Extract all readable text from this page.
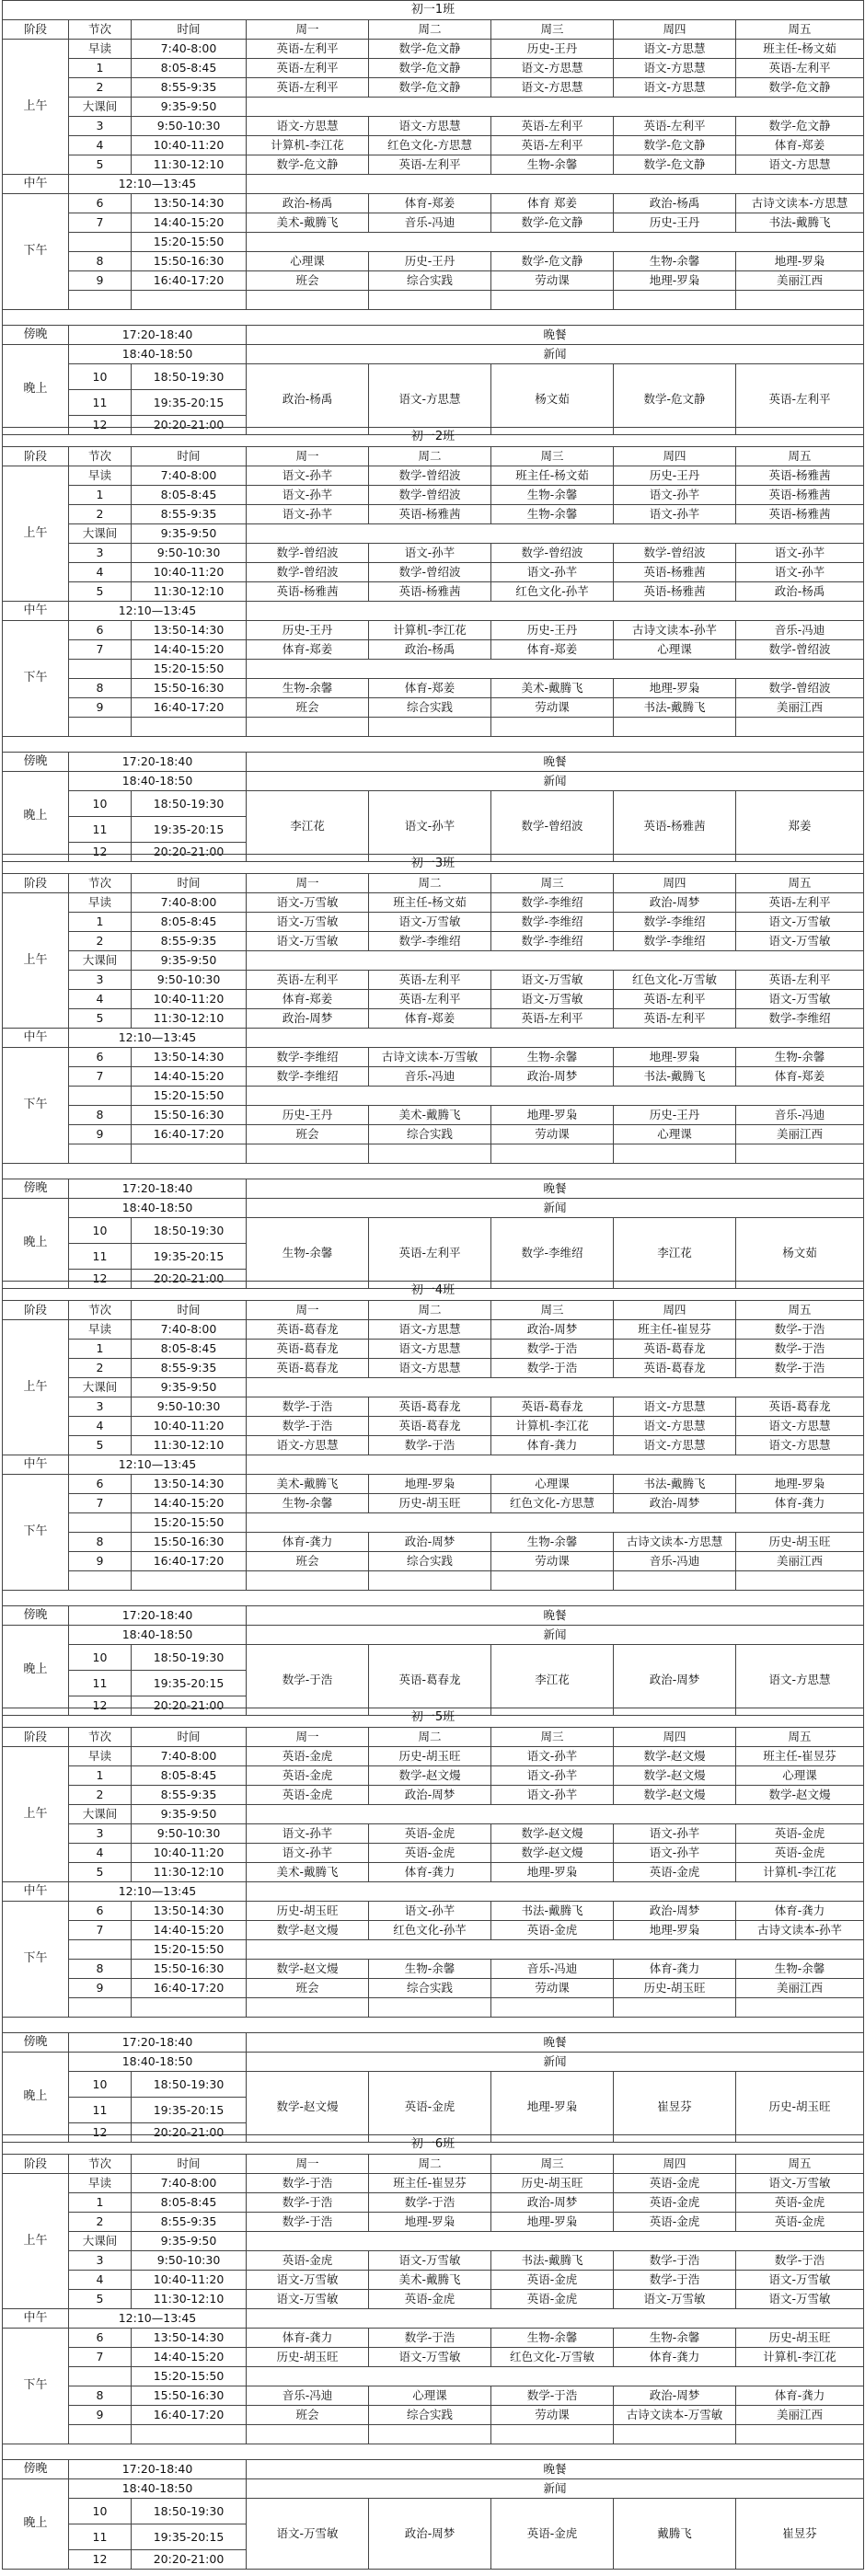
初一1班							
阶段	节次	时间	周一	周二	周三	周四	周五
上午	早读	7:40-8:00	英语-左利平	数学-危文静	历史-王丹	语文-方思慧	班主任-杨文茹
	1	8:05-8:45	英语-左利平	数学-危文静	语文-方思慧	语文-方思慧	英语-左利平
	2	8:55-9:35	英语-左利平	数学-危文静	语文-方思慧	语文-方思慧	数学-危文静
	大课间	9:35-9:50					
	3	9:50-10:30	语文-方思慧	语文-方思慧	英语-左利平	英语-左利平	数学-危文静
	4	10:40-11:20	计算机-李江花	红色文化-方思慧	英语-左利平	数学-危文静	体育-郑姜
	5	11:30-12:10	数学-危文静	英语-左利平	生物-余馨	数学-危文静	语文-方思慧
中午	12:10—13:45						
下午	6	13:50-14:30	政治-杨禹	体育-郑姜	体育 郑姜	政治-杨禹	古诗文读本-方思慧
	7	14:40-15:20	美术-戴腾飞	音乐-冯迪	数学-危文静	历史-王丹	书法-戴腾飞
		15:20-15:50					
	8	15:50-16:30	心理课	历史-王丹	数学-危文静	生物-余馨	地理-罗枭
	9	16:40-17:20	班会	综合实践	劳动课	地理-罗枭	美丽江西

傍晚	17:20-18:40		晚餐				
晚上	18:40-18:50		新闻				
	10	18:50-19:30	政治-杨禹	语文-方思慧	杨文茹	数学-危文静	英语-左利平
	11	19:35-20:15					
	12	20:20-21:00					
初一2班							
阶段	节次	时间	周一	周二	周三	周四	周五
上午	早读	7:40-8:00	语文-孙芊	数学-曾绍波	班主任-杨文茹	历史-王丹	英语-杨雅茜
	1	8:05-8:45	语文-孙芊	数学-曾绍波	生物-余馨	语文-孙芊	英语-杨雅茜
	2	8:55-9:35	语文-孙芊	英语-杨雅茜	生物-余馨	语文-孙芊	英语-杨雅茜
	大课间	9:35-9:50					
	3	9:50-10:30	数学-曾绍波	语文-孙芊	数学-曾绍波	数学-曾绍波	语文-孙芊
	4	10:40-11:20	数学-曾绍波	数学-曾绍波	语文-孙芊	英语-杨雅茜	语文-孙芊
	5	11:30-12:10	英语-杨雅茜	英语-杨雅茜	红色文化-孙芊	英语-杨雅茜	政治-杨禹
中午	12:10—13:45						
下午	6	13:50-14:30	历史-王丹	计算机-李江花	历史-王丹	古诗文读本-孙芊	音乐-冯迪
	7	14:40-15:20	体育-郑姜	政治-杨禹	体育-郑姜	心理课	数学-曾绍波
		15:20-15:50					
	8	15:50-16:30	生物-余馨	体育-郑姜	美术-戴腾飞	地理-罗枭	数学-曾绍波
	9	16:40-17:20	班会	综合实践	劳动课	书法-戴腾飞	美丽江西

傍晚	17:20-18:40		晚餐				
晚上	18:40-18:50		新闻				
	10	18:50-19:30	李江花	语文-孙芊	数学-曾绍波	英语-杨雅茜	郑姜
	11	19:35-20:15					
	12	20:20-21:00					
初一3班							
阶段	节次	时间	周一	周二	周三	周四	周五
上午	早读	7:40-8:00	语文-万雪敏	班主任-杨文茹	数学-李维绍	政治-周梦	英语-左利平
	1	8:05-8:45	语文-万雪敏	语文-万雪敏	数学-李维绍	数学-李维绍	语文-万雪敏
	2	8:55-9:35	语文-万雪敏	数学-李维绍	数学-李维绍	数学-李维绍	语文-万雪敏
	大课间	9:35-9:50					
	3	9:50-10:30	英语-左利平	英语-左利平	语文-万雪敏	红色文化-万雪敏	英语-左利平
	4	10:40-11:20	体育-郑姜	英语-左利平	语文-万雪敏	英语-左利平	语文-万雪敏
	5	11:30-12:10	政治-周梦	体育-郑姜	英语-左利平	英语-左利平	数学-李维绍
中午	12:10—13:45						
下午	6	13:50-14:30	数学-李维绍	古诗文读本-万雪敏	生物-余馨	地理-罗枭	生物-余馨
	7	14:40-15:20	数学-李维绍	音乐-冯迪	政治-周梦	书法-戴腾飞	体育-郑姜
		15:20-15:50					
	8	15:50-16:30	历史-王丹	美术-戴腾飞	地理-罗枭	历史-王丹	音乐-冯迪
	9	16:40-17:20	班会	综合实践	劳动课	心理课	美丽江西

傍晚	17:20-18:40		晚餐				
晚上	18:40-18:50		新闻				
	10	18:50-19:30	生物-余馨	英语-左利平	数学-李维绍	李江花	杨文茹
	11	19:35-20:15					
	12	20:20-21:00					
初一4班							
阶段	节次	时间	周一	周二	周三	周四	周五
上午	早读	7:40-8:00	英语-葛春龙	语文-方思慧	政治-周梦	班主任-崔昱芬	数学-于浩
	1	8:05-8:45	英语-葛春龙	语文-方思慧	数学-于浩	英语-葛春龙	数学-于浩
	2	8:55-9:35	英语-葛春龙	语文-方思慧	数学-于浩	英语-葛春龙	数学-于浩
	大课间	9:35-9:50					
	3	9:50-10:30	数学-于浩	英语-葛春龙	英语-葛春龙	语文-方思慧	英语-葛春龙
	4	10:40-11:20	数学-于浩	英语-葛春龙	计算机-李江花	语文-方思慧	语文-方思慧
	5	11:30-12:10	语文-方思慧	数学-于浩	体育-龚力	语文-方思慧	语文-方思慧
中午	12:10—13:45						
下午	6	13:50-14:30	美术-戴腾飞	地理-罗枭	心理课	书法-戴腾飞	地理-罗枭
	7	14:40-15:20	生物-余馨	历史-胡玉旺	红色文化-方思慧	政治-周梦	体育-龚力
		15:20-15:50					
	8	15:50-16:30	体育-龚力	政治-周梦	生物-余馨	古诗文读本-方思慧	历史-胡玉旺
	9	16:40-17:20	班会	综合实践	劳动课	音乐-冯迪	美丽江西

傍晚	17:20-18:40		晚餐				
晚上	18:40-18:50		新闻				
	10	18:50-19:30	数学-于浩	英语-葛春龙	李江花	政治-周梦	语文-方思慧
	11	19:35-20:15					
	12	20:20-21:00					
初一5班							
阶段	节次	时间	周一	周二	周三	周四	周五
上午	早读	7:40-8:00	英语-金虎	历史-胡玉旺	语文-孙芊	数学-赵文熳	班主任-崔昱芬
	1	8:05-8:45	英语-金虎	数学-赵文熳	语文-孙芊	数学-赵文熳	心理课
	2	8:55-9:35	英语-金虎	政治-周梦	语文-孙芊	数学-赵文熳	数学-赵文熳
	大课间	9:35-9:50					
	3	9:50-10:30	语文-孙芊	英语-金虎	数学-赵文熳	语文-孙芊	英语-金虎
	4	10:40-11:20	语文-孙芊	英语-金虎	数学-赵文熳	语文-孙芊	英语-金虎
	5	11:30-12:10	美术-戴腾飞	体育-龚力	地理-罗枭	英语-金虎	计算机-李江花
中午	12:10—13:45						
下午	6	13:50-14:30	历史-胡玉旺	语文-孙芊	书法-戴腾飞	政治-周梦	体育-龚力
	7	14:40-15:20	数学-赵文熳	红色文化-孙芊	英语-金虎	地理-罗枭	古诗文读本-孙芊
		15:20-15:50					
	8	15:50-16:30	数学-赵文熳	生物-余馨	音乐-冯迪	体育-龚力	生物-余馨
	9	16:40-17:20	班会	综合实践	劳动课	历史-胡玉旺	美丽江西

傍晚	17:20-18:40		晚餐				
晚上	18:40-18:50		新闻				
	10	18:50-19:30	数学-赵文熳	英语-金虎	地理-罗枭	崔昱芬	历史-胡玉旺
	11	19:35-20:15					
	12	20:20-21:00					
初一6班							
阶段	节次	时间	周一	周二	周三	周四	周五
上午	早读	7:40-8:00	数学-于浩	班主任-崔昱芬	历史-胡玉旺	英语-金虎	语文-万雪敏
	1	8:05-8:45	数学-于浩	数学-于浩	政治-周梦	英语-金虎	英语-金虎
	2	8:55-9:35	数学-于浩	地理-罗枭	地理-罗枭	英语-金虎	英语-金虎
	大课间	9:35-9:50					
	3	9:50-10:30	英语-金虎	语文-万雪敏	书法-戴腾飞	数学-于浩	数学-于浩
	4	10:40-11:20	语文-万雪敏	美术-戴腾飞	英语-金虎	数学-于浩	语文-万雪敏
	5	11:30-12:10	语文-万雪敏	英语-金虎	英语-金虎	语文-万雪敏	语文-万雪敏
中午	12:10—13:45						
下午	6	13:50-14:30	体育-龚力	数学-于浩	生物-余馨	生物-余馨	历史-胡玉旺
	7	14:40-15:20	历史-胡玉旺	语文-万雪敏	红色文化-万雪敏	体育-龚力	计算机-李江花
		15:20-15:50					
	8	15:50-16:30	音乐-冯迪	心理课	数学-于浩	政治-周梦	体育-龚力
	9	16:40-17:20	班会	综合实践	劳动课	古诗文读本-万雪敏	美丽江西

傍晚	17:20-18:40		晚餐				
晚上	18:40-18:50		新闻				
	10	18:50-19:30	语文-万雪敏	政治-周梦	英语-金虎	戴腾飞	崔昱芬
	11	19:35-20:15					
	12	20:20-21:00					
